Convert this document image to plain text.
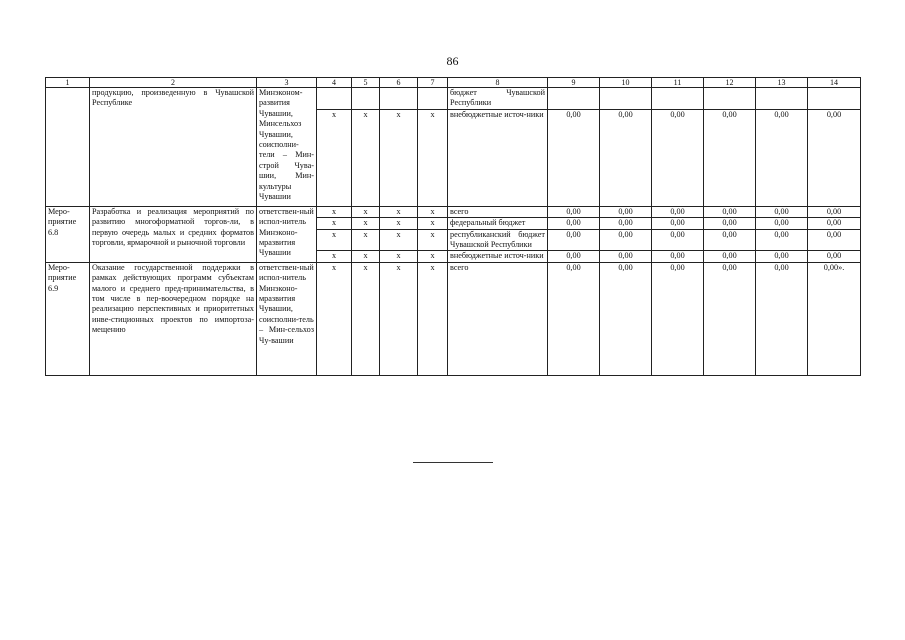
86
1	2	3	4	5	6	7	8	9	10	11	12	13	14
	продукцию, произведенную в Чувашской Республике	Минэконом-развития Чувашии, Минсельхоз Чувашии, соисполни-тели – Мин-строй Чува-шии, Мин-культуры Чувашии					бюджет Чувашской Республики						
			x	x	x	x	внебюджетные источ-ники	0,00	0,00	0,00	0,00	0,00	0,00
Меро-приятие 6.8	Разработка и реализация мероприятий по развитию многоформатной торгов-ли, в первую очередь малых и средних форматов торговли, ярмарочной и рыночной торговли	ответствен-ный испол-нитель Минэконо-мразвития Чувашии	x	x	x	x	всего	0,00	0,00	0,00	0,00	0,00	0,00
			x	x	x	x	федеральный бюджет	0,00	0,00	0,00	0,00	0,00	0,00
			x	x	x	x	республиканский бюджет Чувашской Республики	0,00	0,00	0,00	0,00	0,00	0,00
			x	x	x	x	внебюджетные источ-ники	0,00	0,00	0,00	0,00	0,00	0,00
Меро-приятие 6.9	Оказание государственной поддержки в рамках действующих программ субъектам малого и среднего пред-принимательства, в том числе в пер-воочередном порядке на реализацию перспективных и приоритетных инве-стиционных проектов по импортоза-мещению	ответствен-ный испол-нитель Минэконо-мразвития Чувашии, соисполни-тель – Мин-сельхоз Чу-вашии	x	x	x	x	всего	0,00	0,00	0,00	0,00	0,00	0,00».
